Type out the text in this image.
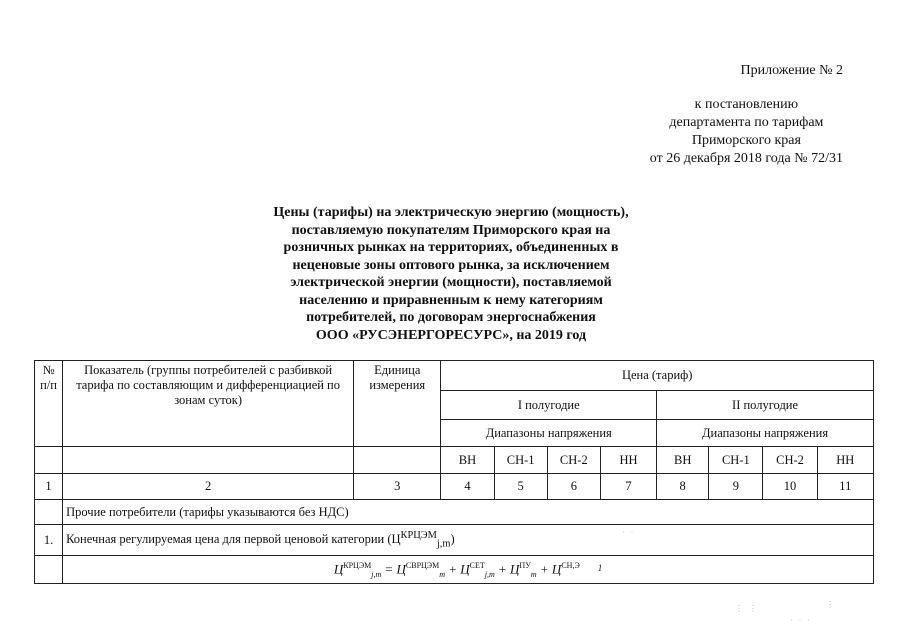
Приложение № 2
к постановлению
департамента по тарифам
Приморского края
от 26 декабря 2018 года № 72/31
Цены (тарифы) на электрическую энергию (мощность),
поставляемую покупателям Приморского края на
розничных рынках на территориях, объединенных в
неценовые зоны оптового рынка, за исключением
электрической энергии (мощности), поставляемой
населению и приравненным к нему категориям
потребителей, по договорам энергоснабжения
ООО «РУСЭНЕРГОРЕСУРС», на 2019 год
№ п/п	Показатель (группы потребителей с разбивкой тарифа по составляющим и дифференциацией по зонам суток)	Единица измерения	Цена (тариф)							
			I полугодие				II полугодие			
			Диапазоны напряжения				Диапазоны напряжения			
			ВН	СН-1	СН-2	НН	ВН	СН-1	СН-2	НН
1	2	3	4	5	6	7	8	9	10	11
	Прочие потребители (тарифы указываются без НДС)									
1.	Конечная регулируемая цена для первой ценовой категории $(Ц^{КРЦЭМ}_{j,m})$									
	$Ц^{КРЦЭМ}_{j,m} = Ц^{СВРЦЭМ}_m + Ц^{СЕТ}_{j,m} + Ц^{ПУ}_m + Ц^{СН,Э}$ 1									
· ·
⋮ ⋮
· · ·
⋮
